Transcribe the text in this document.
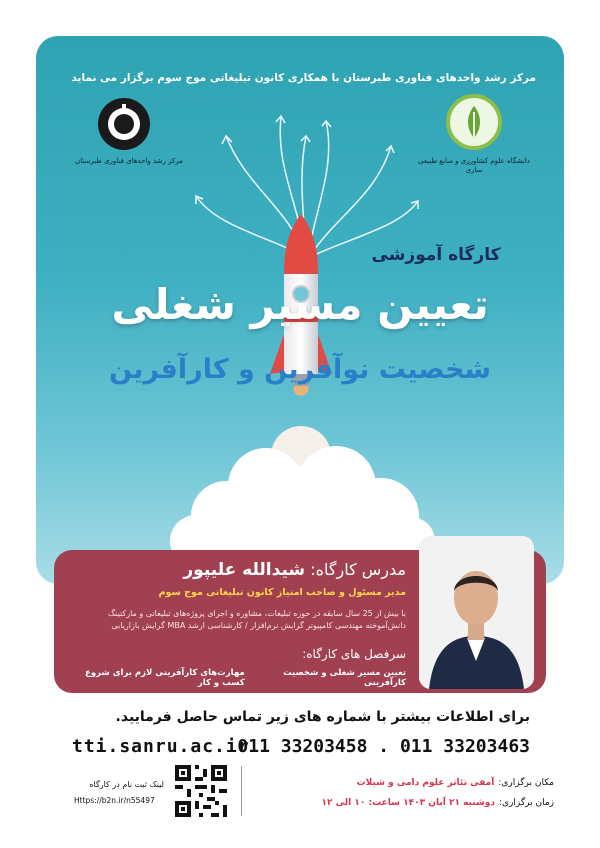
مرکز رشد واحدهای فناوری طبرستان با همکاری کانون تبلیغاتی موج سوم برگزار می نماید
مرکز رشد واحدهای فناوری طبرستان	دانشگاه علوم کشاورزی و منابع طبیعی ساری
کارگاه آموزشی
تعیین مسیر شغلی
شخصیت نوآفرین و کارآفرین
مدرس کارگاه: شیدالله علیپور
مدیر مسئول و صاحب امتیاز کانون تبلیغاتی موج سوم
با بیش از 25 سال سابقه در حوزه تبلیغات، مشاوره و اجرای پروژه‌های تبلیغاتی و مارکتینگ دانش‌آموخته مهندسی کامپیوتر گرایش نرم‌افزار / کارشناسی ارشد MBA گرایش بازاریابی
سرفصل های کارگاه:
تعیین مسیر شغلی و شخصیت کارآفرینی
مهارت‌های کارآفرینی لازم برای شروع کسب و کار
برای اطلاعات بیشتر با شماره های زیر تماس حاصل فرمایید.
011 33203458 . 011 33203463
tti.sanru.ac.ir
لینک ثبت نام در کارگاه
Https://b2n.ir/n55497
مکان برگزاری:آمفی تئاتر علوم دامی و شیلات
زمان برگزاری:دوشنبه ۲۱ آبان ۱۴۰۳ ساعت: ۱۰ الی ۱۲
